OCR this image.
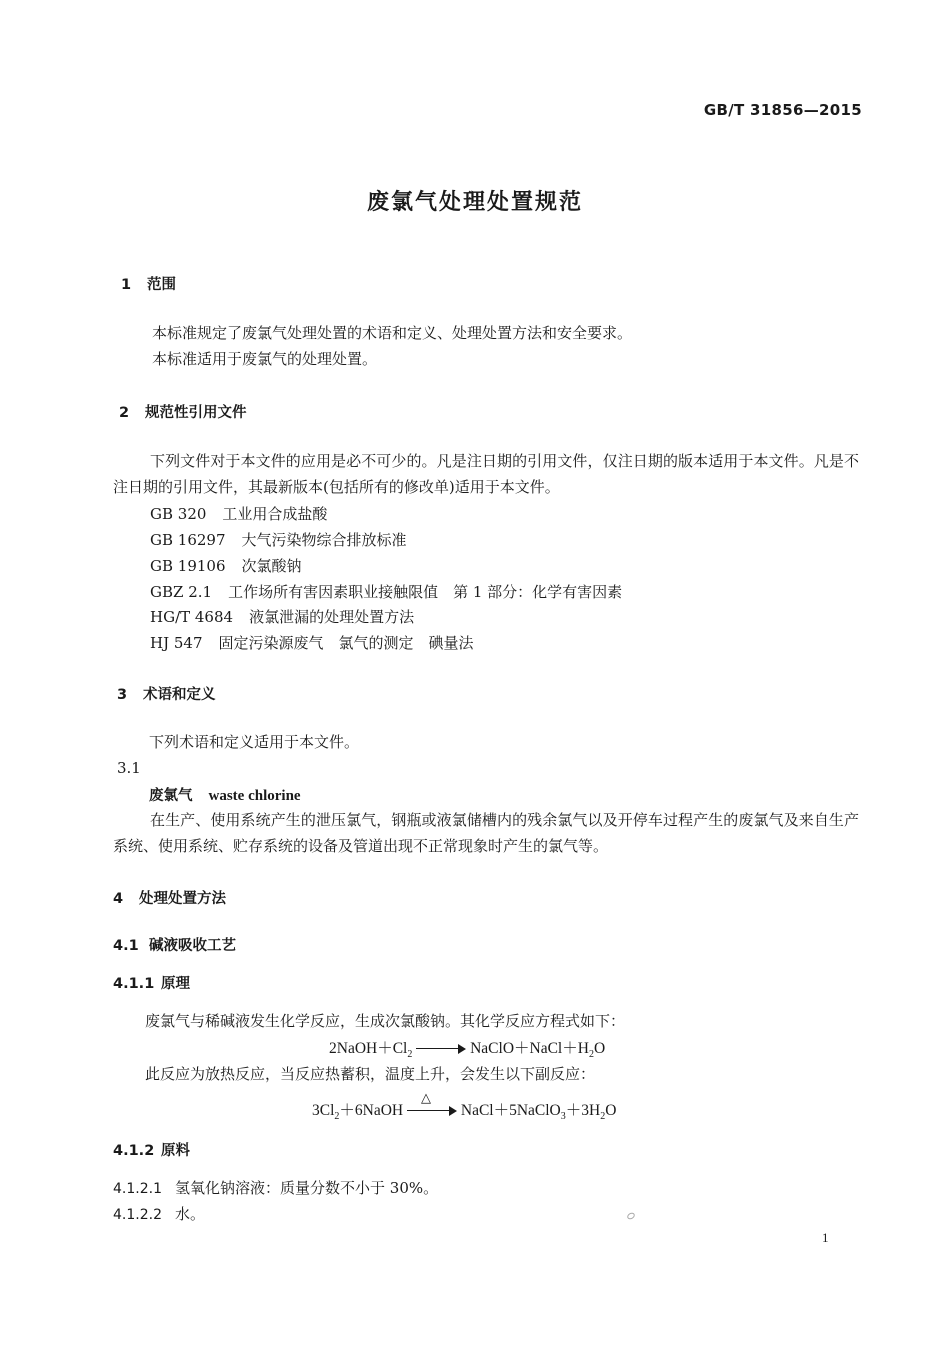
GB/T 31856—2015
废氯气处理处置规范
1 范围
本标准规定了废氯气处理处置的术语和定义、处理处置方法和安全要求。
本标准适用于废氯气的处理处置。
2 规范性引用文件
下列文件对于本文件的应用是必不可少的。凡是注日期的引用文件，仅注日期的版本适用于本文件。凡是不注日期的引用文件，其最新版本(包括所有的修改单)适用于本文件。
GB 320 工业用合成盐酸
GB 16297 大气污染物综合排放标准
GB 19106 次氯酸钠
GBZ 2.1 工作场所有害因素职业接触限值　第 1 部分：化学有害因素
HG/T 4684 液氯泄漏的处理处置方法
HJ 547 固定污染源废气　氯气的测定　碘量法
3 术语和定义
下列术语和定义适用于本文件。
3.1
废氯气 waste chlorine
在生产、使用系统产生的泄压氯气，钢瓶或液氯储槽内的残余氯气以及开停车过程产生的废氯气及来自生产系统、使用系统、贮存系统的设备及管道出现不正常现象时产生的氯气等。
4 处理处置方法
4.1 碱液吸收工艺
4.1.1 原理
废氯气与稀碱液发生化学反应，生成次氯酸钠。其化学反应方程式如下：
$2NaOH+Cl_2$	$NaClO+NaCl+H_2O$
此反应为放热反应，当反应热蓄积，温度上升，会发生以下副反应：
$3Cl_2+6NaOH$
△
$NaCl+5NaClO_3+3H_2O$
4.1.2 原料
4.1.2.1 氢氧化钠溶液：质量分数不小于 30%。
4.1.2.2 水。
1
